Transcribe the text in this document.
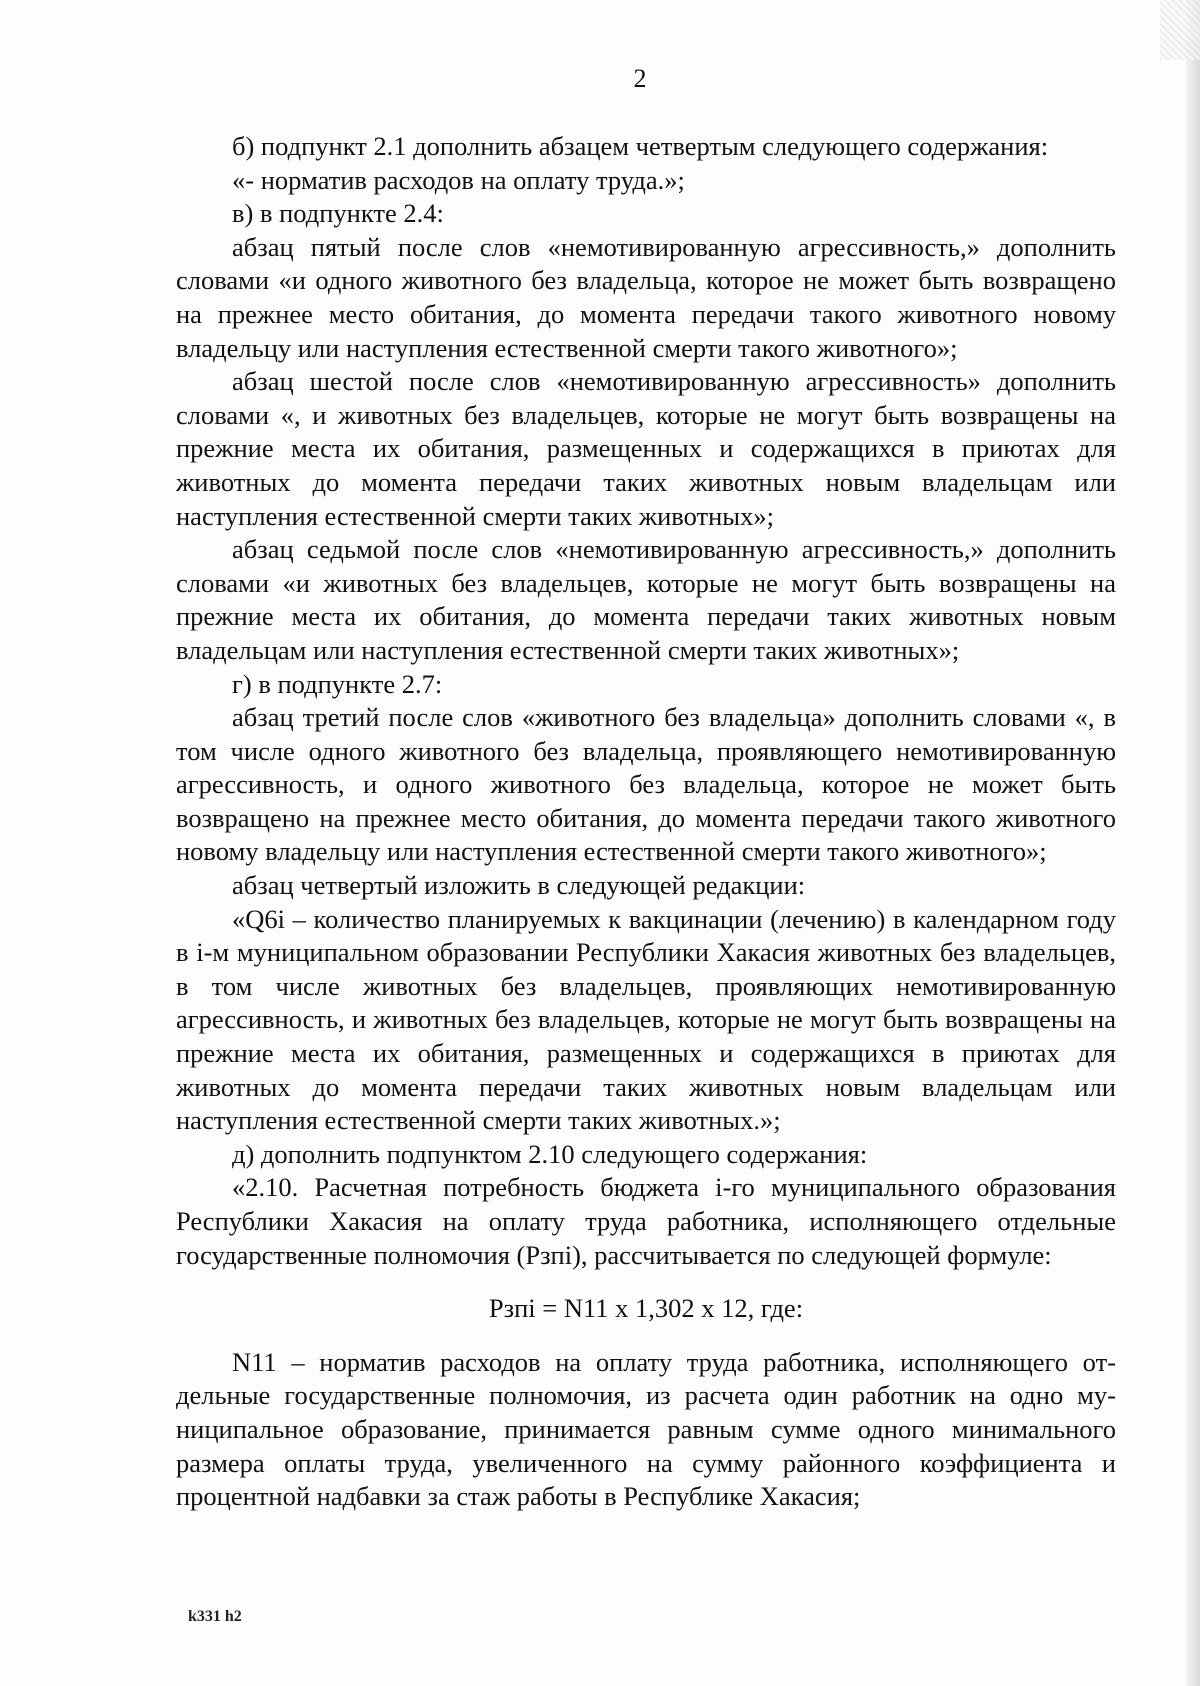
2

б) подпункт 2.1 дополнить абзацем четвертым следующего содержания:

«- норматив расходов на оплату труда.»;

в) в подпункте 2.4:

абзац пятый после слов «немотивированную агрессивность,» дополнить словами «и одного животного без владельца, которое не может быть возвращено на прежнее место обитания, до момента передачи такого животного новому владельцу или наступления естественной смерти такого животного»;

абзац шестой после слов «немотивированную агрессивность» дополнить словами «, и животных без владельцев, которые не могут быть возвращены на прежние места их обитания, размещенных и содержащихся в приютах для животных до момента передачи таких животных новым владельцам или наступления естественной смерти таких животных»;

абзац седьмой после слов «немотивированную агрессивность,» дополнить словами «и животных без владельцев, которые не могут быть возвращены на прежние места их обитания, до момента передачи таких животных новым владельцам или наступления естественной смерти таких животных»;

г) в подпункте 2.7:

абзац третий после слов «животного без владельца» дополнить словами «, в том числе одного животного без владельца, проявляющего немотивированную агрессивность, и одного животного без владельца, которое не может быть возвращено на прежнее место обитания, до момента передачи такого животного новому владельцу или наступления естественной смерти такого животного»;

абзац четвертый изложить в следующей редакции:

«Q6i – количество планируемых к вакцинации (лечению) в календарном году в i-м муниципальном образовании Республики Хакасия животных без владельцев, в том числе животных без владельцев, проявляющих немотивированную агрессивность, и животных без владельцев, которые не могут быть возвращены на прежние места их обитания, размещенных и содержащихся в приютах для животных до момента передачи таких животных новым владельцам или наступления естественной смерти таких животных.»;

д) дополнить подпунктом 2.10 следующего содержания:

«2.10. Расчетная потребность бюджета i-го муниципального образования Республики Хакасия на оплату труда работника, исполняющего отдельные государственные полномочия (Рзпi), рассчитывается по следующей формуле:

Рзпi = N11 x 1,302 x 12, где:

N11 – норматив расходов на оплату труда работника, исполняющего отдельные государственные полномочия, из расчета один работник на одно муниципальное образование, принимается равным сумме одного минимального размера оплаты труда, увеличенного на сумму районного коэффициента и процентной надбавки за стаж работы в Республике Хакасия;

k331 h2
